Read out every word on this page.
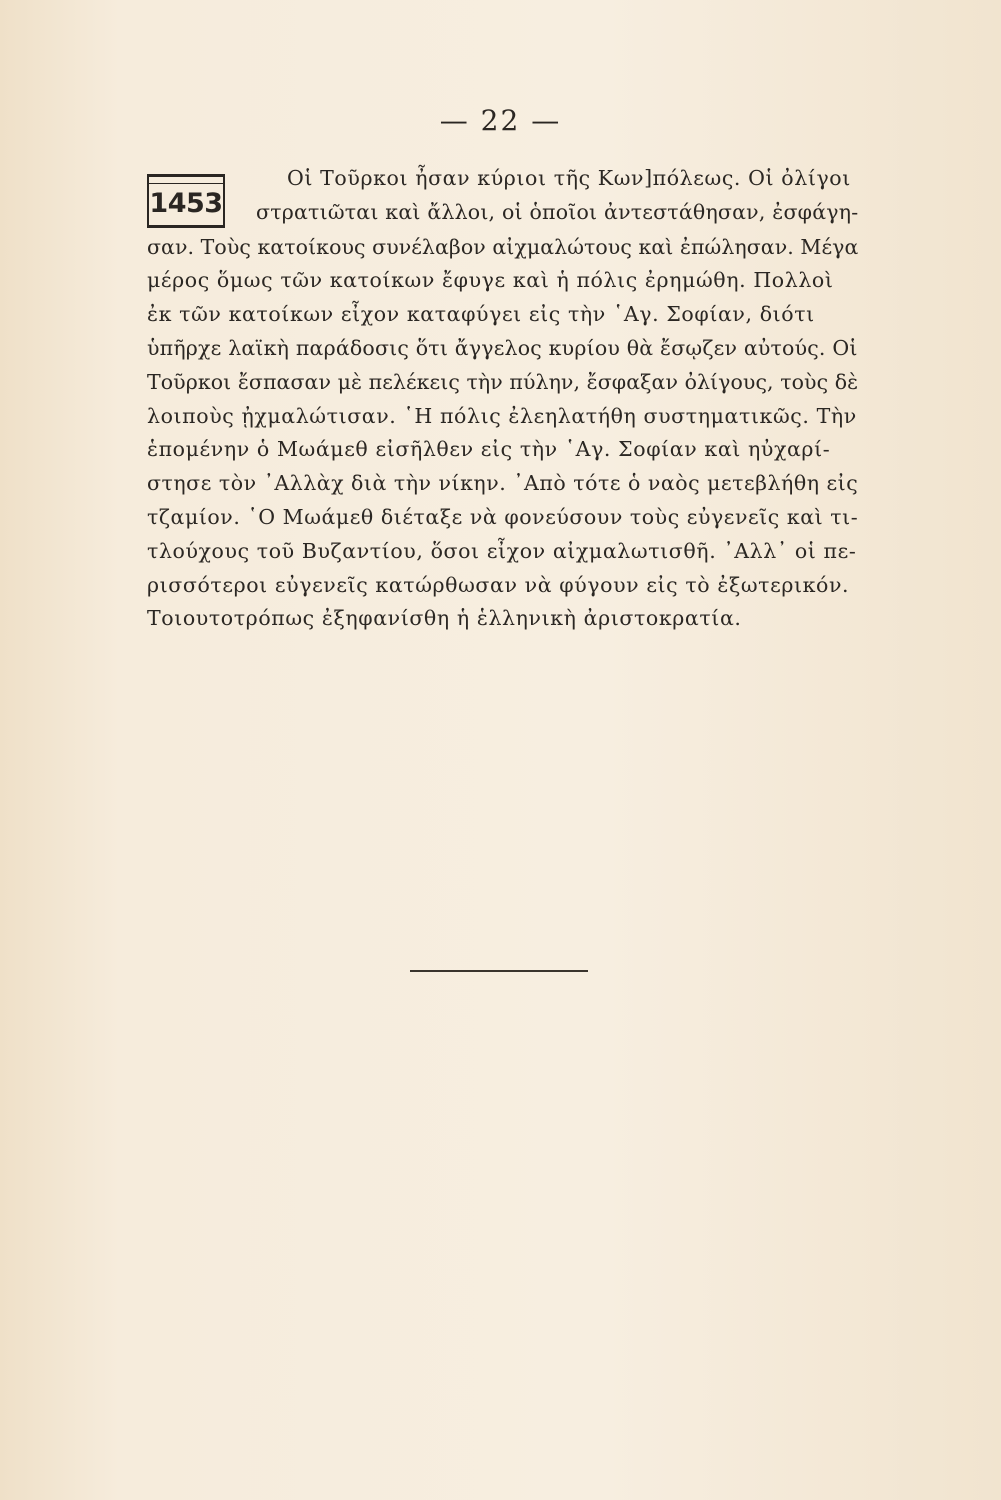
— 22 —
1453
Οἱ Τοῦρκοι ἦσαν κύριοι τῆς Κων]πόλεως. Οἱ ὀλίγοι
στρατιῶται καὶ ἄλλοι, οἱ ὁποῖοι ἀντεστάθησαν, ἐσφάγη-
σαν. Τοὺς κατοίκους συνέλαβον αἰχμαλώτους καὶ ἐπώλησαν. Μέγα
μέρος ὅμως τῶν κατοίκων ἔφυγε καὶ ἡ πόλις ἐρημώθη. Πολλοὶ
ἐκ τῶν κατοίκων εἶχον καταφύγει εἰς τὴν ῾Αγ. Σοφίαν, διότι
ὑπῆρχε λαϊκὴ παράδοσις ὅτι ἄγγελος κυρίου θὰ ἔσῳζεν αὐτούς. Οἱ
Τοῦρκοι ἔσπασαν μὲ πελέκεις τὴν πύλην, ἔσφαξαν ὀλίγους, τοὺς δὲ
λοιποὺς ᾐχμαλώτισαν. ῾Η πόλις ἐλεηλατήθη συστηματικῶς. Τὴν
ἑπομένην ὁ Μωάμεθ εἰσῆλθεν εἰς τὴν ῾Αγ. Σοφίαν καὶ ηὐχαρί-
στησε τὸν ᾿Αλλὰχ διὰ τὴν νίκην. ᾿Απὸ τότε ὁ ναὸς μετεβλήθη εἰς
τζαμίον. ῾Ο Μωάμεθ διέταξε νὰ φονεύσουν τοὺς εὐγενεῖς καὶ τι-
τλούχους τοῦ Βυζαντίου, ὅσοι εἶχον αἰχμαλωτισθῆ. ᾿Αλλ᾿ οἱ πε-
ρισσότεροι εὐγενεῖς κατώρθωσαν νὰ φύγουν εἰς τὸ ἐξωτερικόν.
Τοιουτοτρόπως ἐξηφανίσθη ἡ ἑλληνικὴ ἀριστοκρατία.
